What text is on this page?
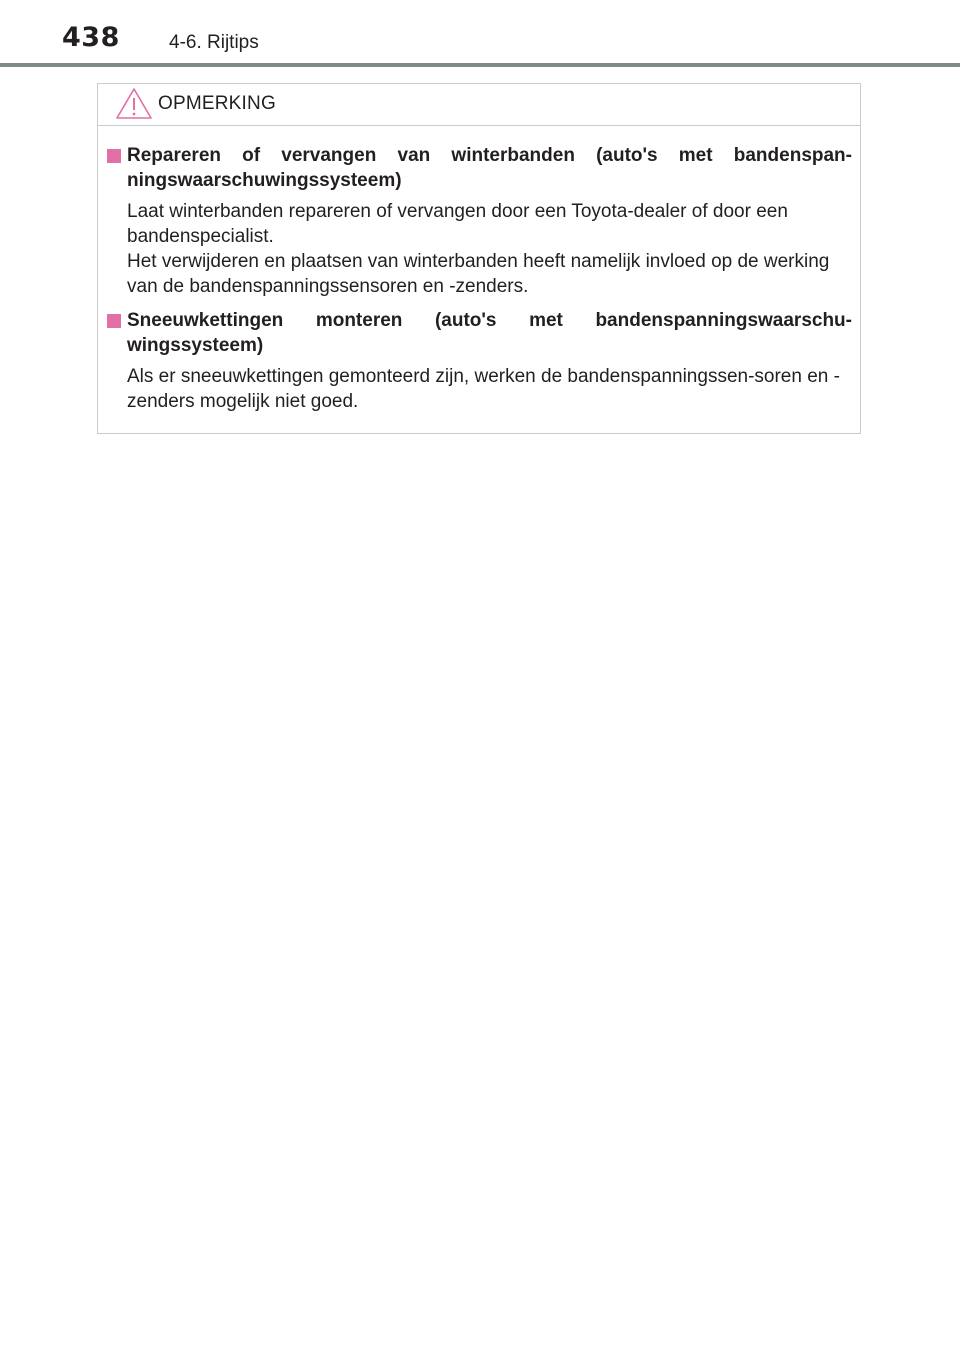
438	4-6. Rijtips
OPMERKING
Repareren of vervangen van winterbanden (auto's met bandenspan-ningswaarschuwingssysteem)

Laat winterbanden repareren of vervangen door een Toyota-dealer of door een bandenspecialist.

Het verwijderen en plaatsen van winterbanden heeft namelijk invloed op de werking van de bandenspanningssensoren en -zenders.

Sneeuwkettingen monteren (auto's met bandenspanningswaarschu-wingssysteem)

Als er sneeuwkettingen gemonteerd zijn, werken de bandenspanningssen-soren en -zenders mogelijk niet goed.
